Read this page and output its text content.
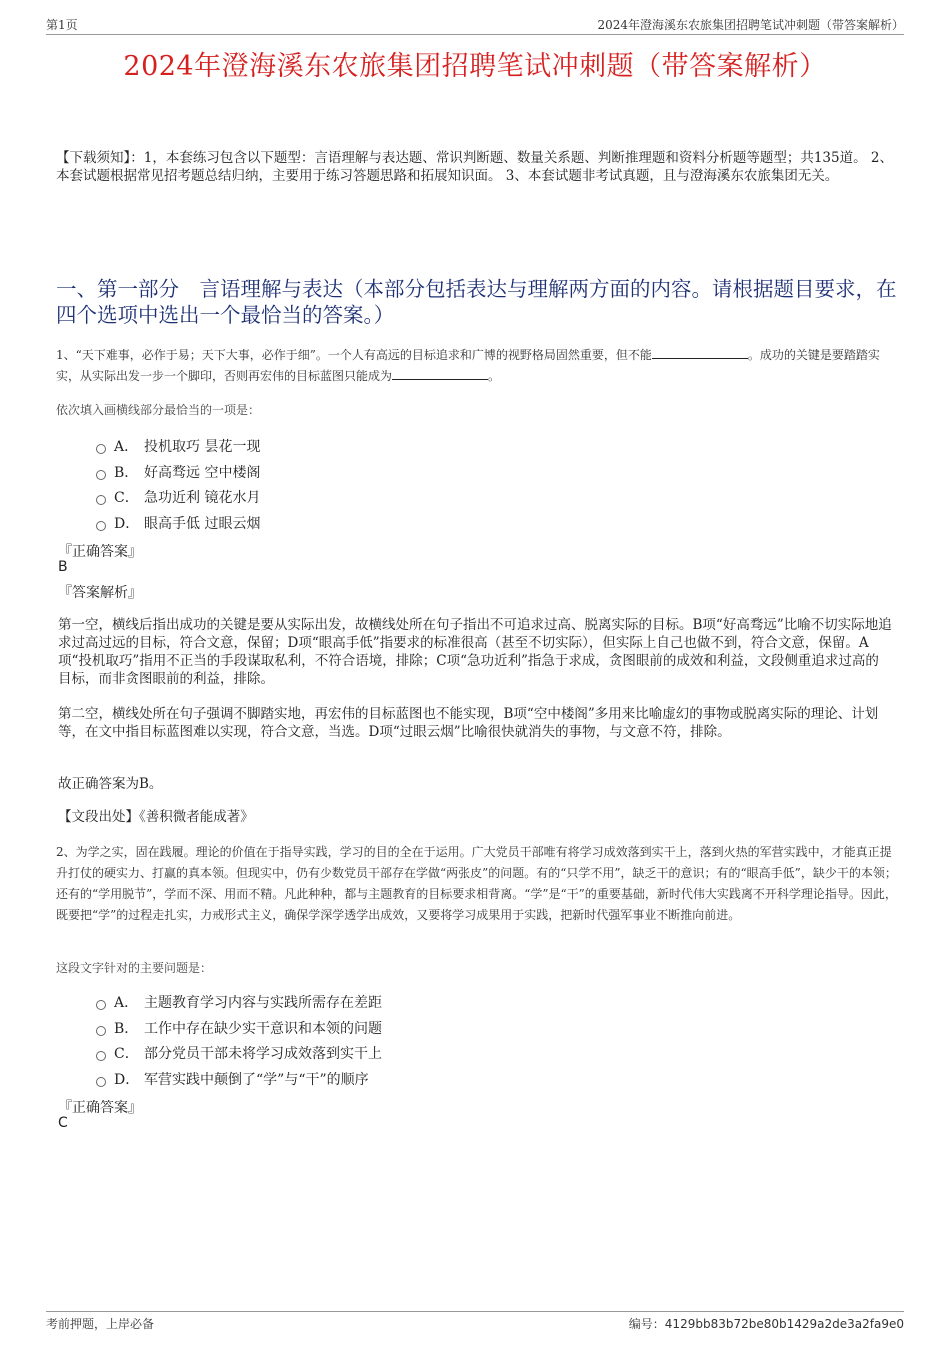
第1页	2024年澄海溪东农旅集团招聘笔试冲刺题（带答案解析）
2024年澄海溪东农旅集团招聘笔试冲刺题（带答案解析）
【下载须知】：1，本套练习包含以下题型：言语理解与表达题、常识判断题、数量关系题、判断推理题和资料分析题等题型；共135道。 2、本套试题根据常见招考题总结归纳，主要用于练习答题思路和拓展知识面。 3、本套试题非考试真题，且与澄海溪东农旅集团无关。
一、第一部分　言语理解与表达（本部分包括表达与理解两方面的内容。请根据题目要求，在四个选项中选出一个最恰当的答案。）
1、“天下难事，必作于易；天下大事，必作于细”。一个人有高远的目标追求和广博的视野格局固然重要，但不能	。成功的关键是要踏踏实实，从实际出发一步一个脚印，否则再宏伟的目标蓝图只能成为	。
依次填入画横线部分最恰当的一项是：
A． 投机取巧 昙花一现
B． 好高骛远 空中楼阁
C． 急功近利 镜花水月
D． 眼高手低 过眼云烟
『正确答案』
B
『答案解析』
第一空，横线后指出成功的关键是要从实际出发，故横线处所在句子指出不可追求过高、脱离实际的目标。B项“好高骛远”比喻不切实际地追求过高过远的目标，符合文意，保留；D项“眼高手低”指要求的标准很高（甚至不切实际），但实际上自己也做不到，符合文意，保留。A项“投机取巧”指用不正当的手段谋取私利，不符合语境，排除；C项“急功近利”指急于求成，贪图眼前的成效和利益，文段侧重追求过高的目标，而非贪图眼前的利益，排除。
第二空，横线处所在句子强调不脚踏实地，再宏伟的目标蓝图也不能实现，B项“空中楼阁”多用来比喻虚幻的事物或脱离实际的理论、计划等，在文中指目标蓝图难以实现，符合文意，当选。D项“过眼云烟”比喻很快就消失的事物，与文意不符，排除。
故正确答案为B。
【文段出处】《善积微者能成著》
2、为学之实，固在践履。理论的价值在于指导实践，学习的目的全在于运用。广大党员干部唯有将学习成效落到实干上，落到火热的军营实践中，才能真正提升打仗的硬实力、打赢的真本领。但现实中，仍有少数党员干部存在学做“两张皮”的问题。有的“只学不用”，缺乏干的意识；有的“眼高手低”，缺少干的本领；还有的“学用脱节”，学而不深、用而不精。凡此种种，都与主题教育的目标要求相背离。“学”是“干”的重要基础，新时代伟大实践离不开科学理论指导。因此，既要把“学”的过程走扎实，力戒形式主义，确保学深学透学出成效，又要将学习成果用于实践，把新时代强军事业不断推向前进。
这段文字针对的主要问题是：
A． 主题教育学习内容与实践所需存在差距
B． 工作中存在缺少实干意识和本领的问题
C． 部分党员干部未将学习成效落到实干上
D． 军营实践中颠倒了“学”与“干”的顺序
『正确答案』
C
考前押题，上岸必备	编号：4129bb83b72be80b1429a2de3a2fa9e0
